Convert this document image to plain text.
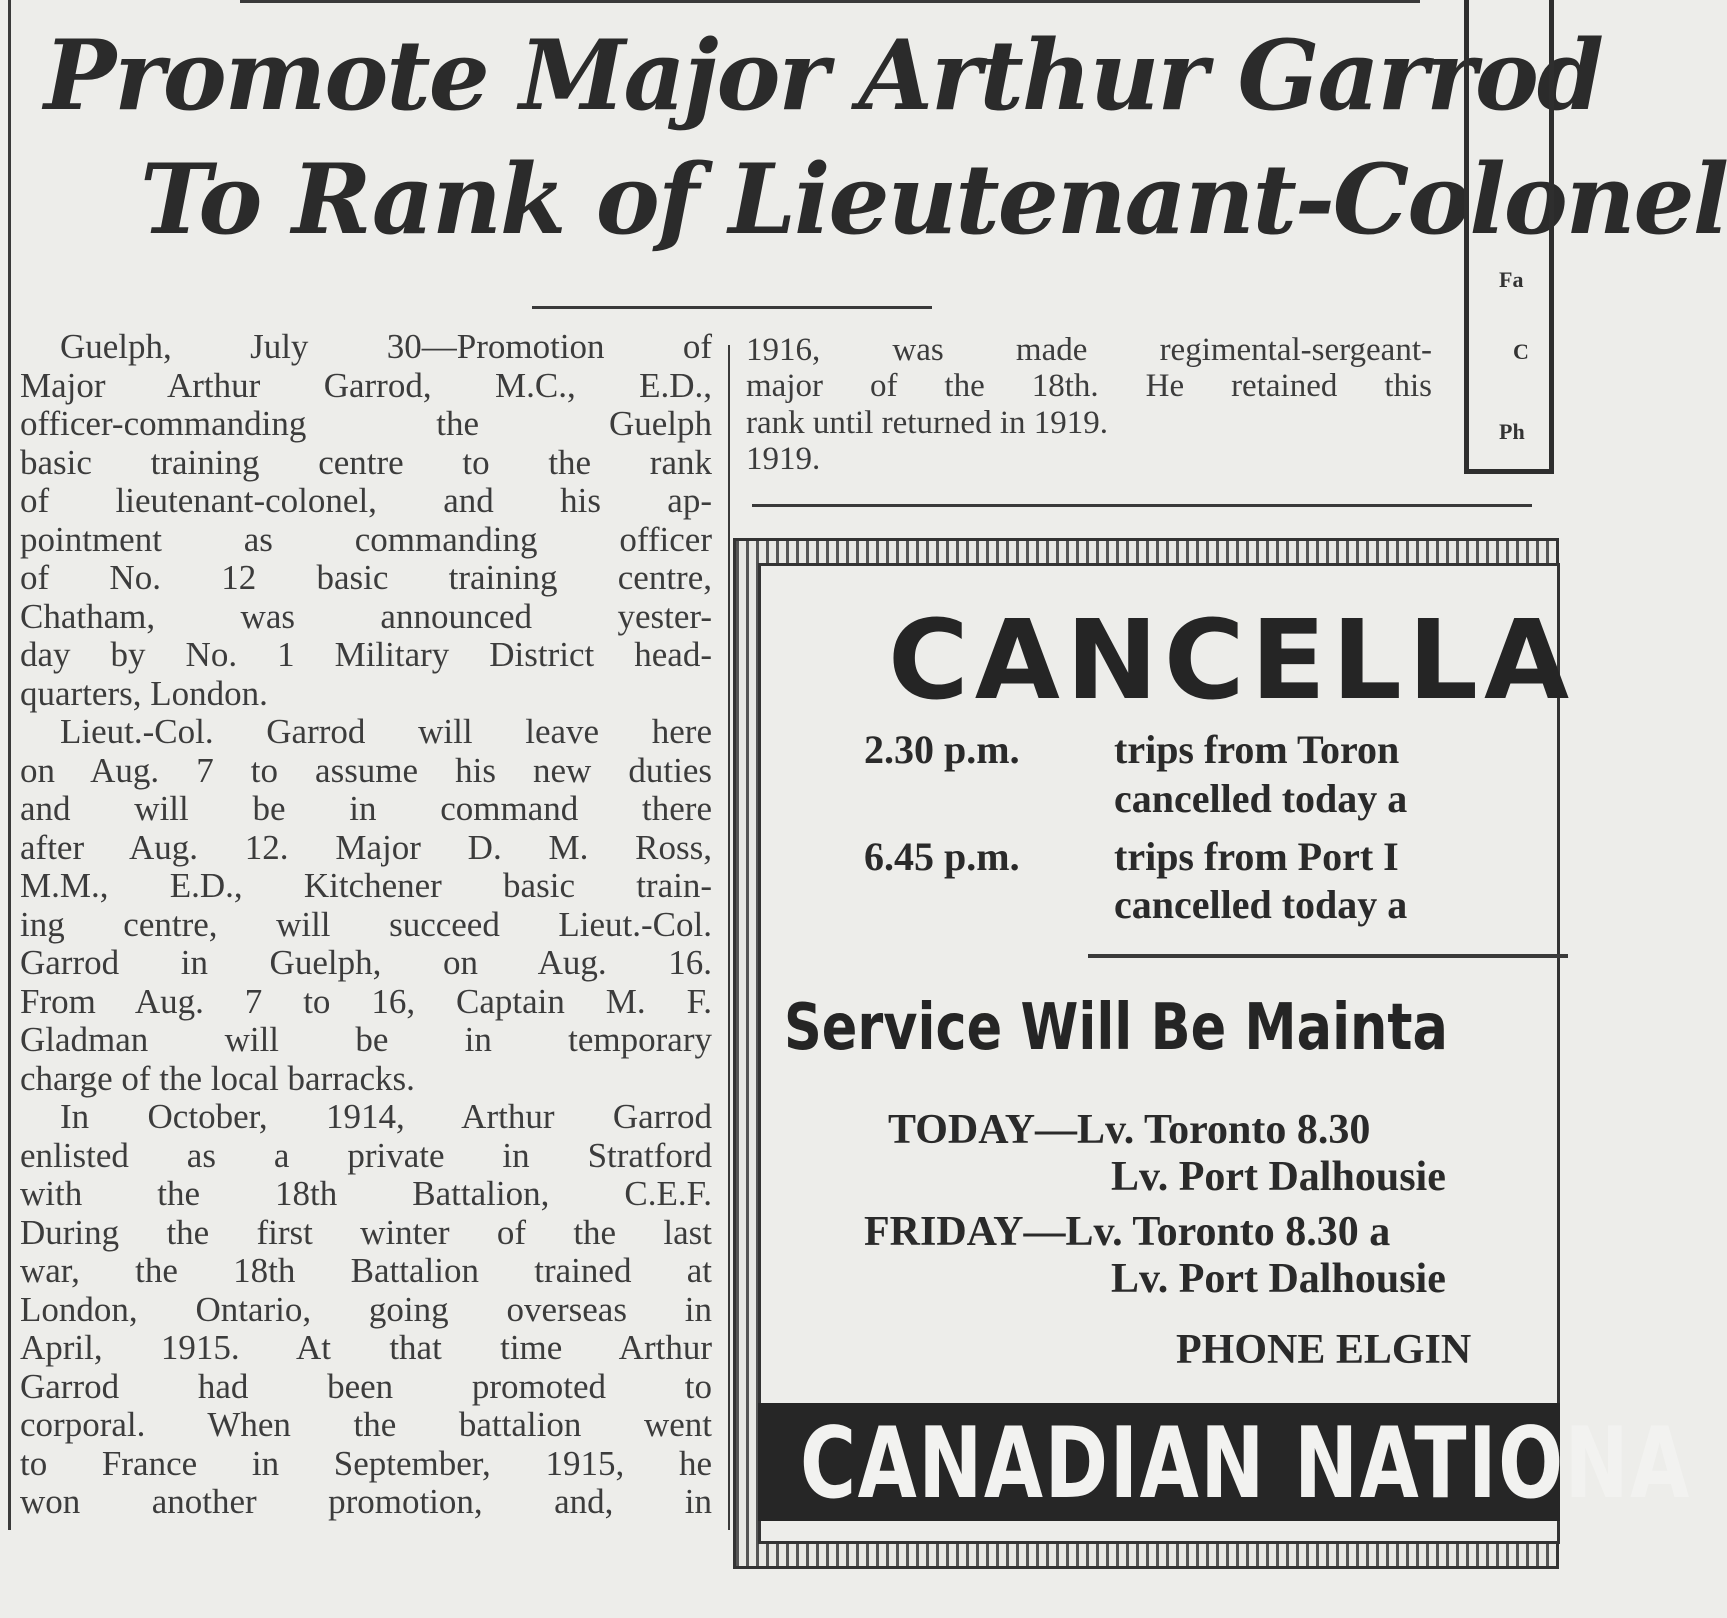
Promote Major Arthur Garrod
To Rank of Lieutenant-Colonel
Fa
C
Ph
Guelph, July 30—Promotion of
Major Arthur Garrod, M.C., E.D.,
officer-commanding the Guelph
basic training centre to the rank
of lieutenant-colonel, and his ap-
pointment as commanding officer
of No. 12 basic training centre,
Chatham, was announced yester-
day by No. 1 Military District head-
quarters, London.
Lieut.-Col. Garrod will leave here
on Aug. 7 to assume his new duties
and will be in command there
after Aug. 12. Major D. M. Ross,
M.M., E.D., Kitchener basic train-
ing centre, will succeed Lieut.-Col.
Garrod in Guelph, on Aug. 16.
From Aug. 7 to 16, Captain M. F.
Gladman will be in temporary
charge of the local barracks.
In October, 1914, Arthur Garrod
enlisted as a private in Stratford
with the 18th Battalion, C.E.F.
During the first winter of the last
war, the 18th Battalion trained at
London, Ontario, going overseas in
April, 1915. At that time Arthur
Garrod had been promoted to
corporal. When the battalion went
to France in September, 1915, he
won another promotion, and, in
1916, was made regimental-sergeant-
major of the 18th. He retained this
rank until returned in 1919.
1919.
CANCELLA
2.30 p.m. trips from Toron
cancelled today a
6.45 p.m. trips from Port I
cancelled today a
Service Will Be Mainta
TODAY—Lv. Toronto 8.30
Lv. Port Dalhousie
FRIDAY—Lv. Toronto 8.30 a
Lv. Port Dalhousie
PHONE ELGIN
CANADIAN NATIONA
